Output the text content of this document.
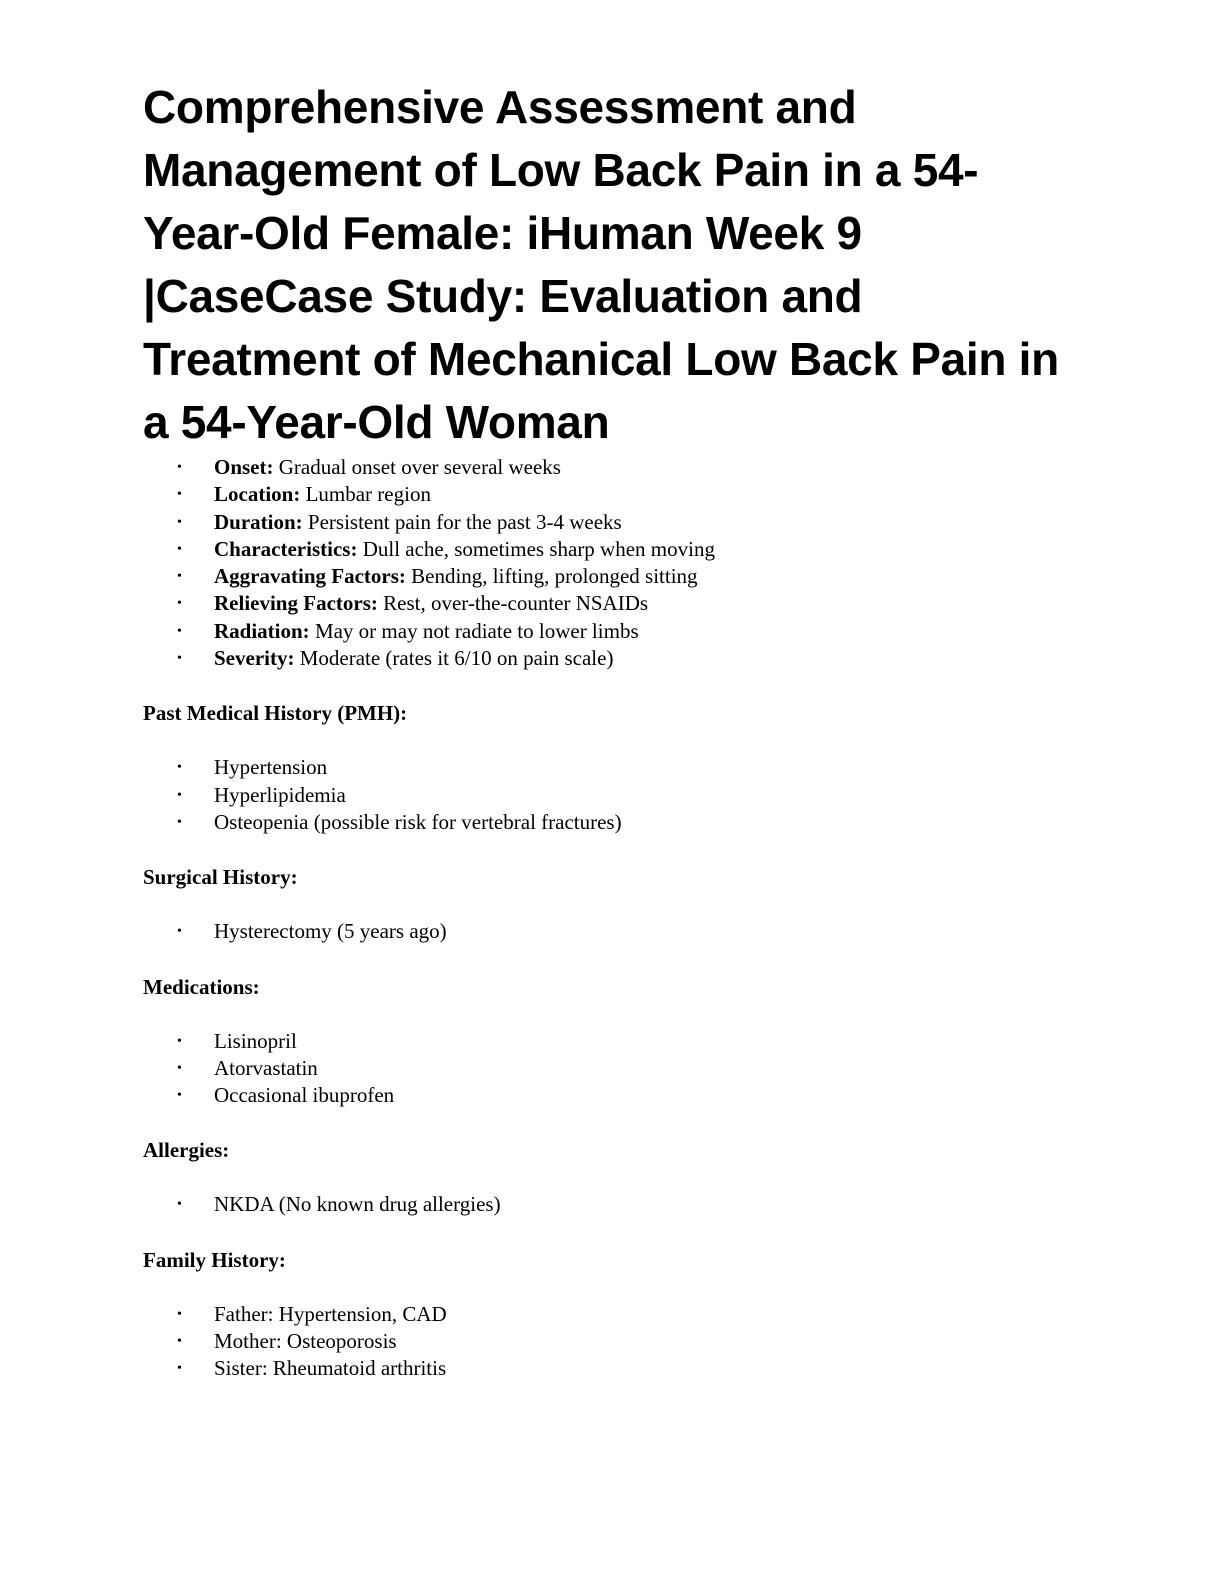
Comprehensive Assessment and
Management of Low Back Pain in a 54-
Year-Old Female: iHuman Week 9
|CaseCase Study: Evaluation and
Treatment of Mechanical Low Back Pain in
a 54-Year-Old Woman
• Onset: Gradual onset over several weeks
• Location: Lumbar region
• Duration: Persistent pain for the past 3-4 weeks
• Characteristics: Dull ache, sometimes sharp when moving
• Aggravating Factors: Bending, lifting, prolonged sitting
• Relieving Factors: Rest, over-the-counter NSAIDs
• Radiation: May or may not radiate to lower limbs
• Severity: Moderate (rates it 6/10 on pain scale)

Past Medical History (PMH):

• Hypertension
• Hyperlipidemia
• Osteopenia (possible risk for vertebral fractures)

Surgical History:

• Hysterectomy (5 years ago)

Medications:

• Lisinopril
• Atorvastatin
• Occasional ibuprofen

Allergies:

• NKDA (No known drug allergies)

Family History:

• Father: Hypertension, CAD
• Mother: Osteoporosis
• Sister: Rheumatoid arthritis
